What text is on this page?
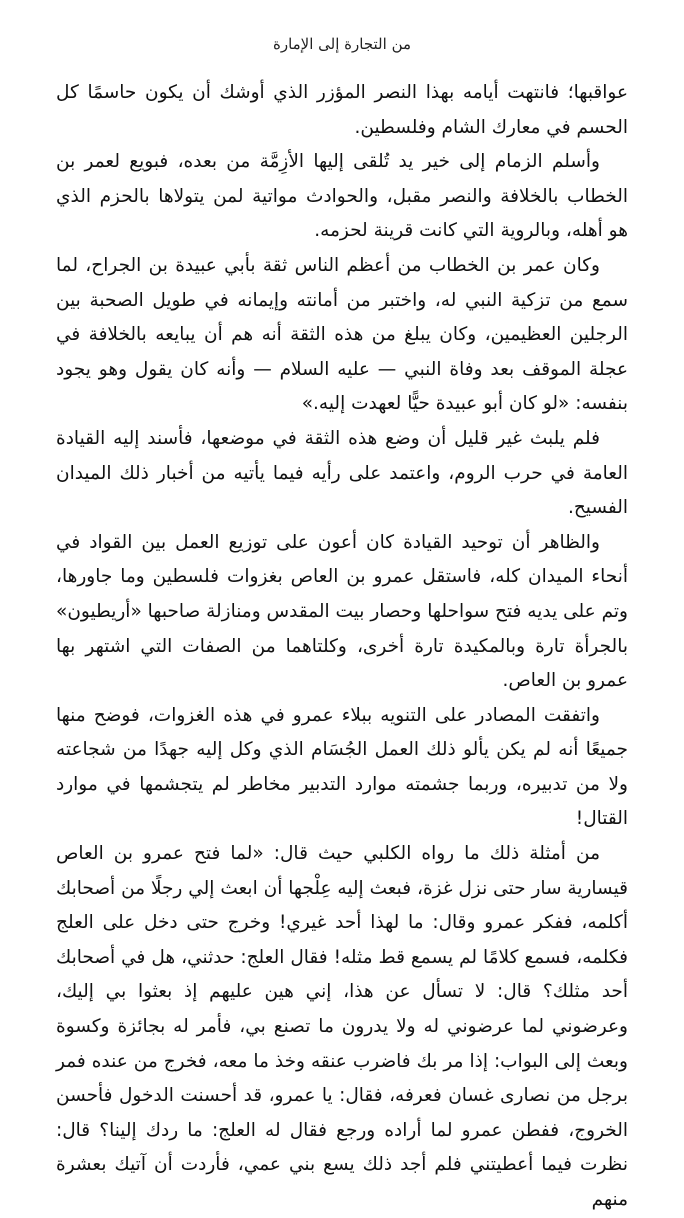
من التجارة إلى الإمارة

عواقبها؛ فانتهت أيامه بهذا النصر المؤزر الذي أوشك أن يكون حاسمًا كل الحسم في معارك الشام وفلسطين.

وأسلم الزمام إلى خير يد تُلقى إليها الأزِمَّة من بعده، فبويع لعمر بن الخطاب بالخلافة والنصر مقبل، والحوادث مواتية لمن يتولاها بالحزم الذي هو أهله، وبالروية التي كانت قرينة لحزمه.

وكان عمر بن الخطاب من أعظم الناس ثقة بأبي عبيدة بن الجراح، لما سمع من تزكية النبي له، واختبر من أمانته وإيمانه في طويل الصحبة بين الرجلين العظيمين، وكان يبلغ من هذه الثقة أنه هم أن يبايعه بالخلافة في عجلة الموقف بعد وفاة النبي — عليه السلام — وأنه كان يقول وهو يجود بنفسه: «لو كان أبو عبيدة حيًّا لعهدت إليه.»

فلم يلبث غير قليل أن وضع هذه الثقة في موضعها، فأسند إليه القيادة العامة في حرب الروم، واعتمد على رأيه فيما يأتيه من أخبار ذلك الميدان الفسيح.

والظاهر أن توحيد القيادة كان أعون على توزيع العمل بين القواد في أنحاء الميدان كله، فاستقل عمرو بن العاص بغزوات فلسطين وما جاورها، وتم على يديه فتح سواحلها وحصار بيت المقدس ومنازلة صاحبها «أريطيون» بالجرأة تارة وبالمكيدة تارة أخرى، وكلتاهما من الصفات التي اشتهر بها عمرو بن العاص.

واتفقت المصادر على التنويه ببلاء عمرو في هذه الغزوات، فوضح منها جميعًا أنه لم يكن يألو ذلك العمل الجُسَام الذي وكل إليه جهدًا من شجاعته ولا من تدبيره، وربما جشمته موارد التدبير مخاطر لم يتجشمها في موارد القتال!

من أمثلة ذلك ما رواه الكلبي حيث قال: «لما فتح عمرو بن العاص قيسارية سار حتى نزل غزة، فبعث إليه عِلْجها أن ابعث إلي رجلًا من أصحابك أكلمه، ففكر عمرو وقال: ما لهذا أحد غيري! وخرج حتى دخل على العلج فكلمه، فسمع كلامًا لم يسمع قط مثله! فقال العلج: حدثني، هل في أصحابك أحد مثلك؟ قال: لا تسأل عن هذا، إني هين عليهم إذ بعثوا بي إليك، وعرضوني لما عرضوني له ولا يدرون ما تصنع بي، فأمر له بجائزة وكسوة وبعث إلى البواب: إذا مر بك فاضرب عنقه وخذ ما معه، فخرج من عنده فمر برجل من نصارى غسان فعرفه، فقال: يا عمرو، قد أحسنت الدخول فأحسن الخروج، ففطن عمرو لما أراده ورجع فقال له العلج: ما ردك إلينا؟ قال: نظرت فيما أعطيتني فلم أجد ذلك يسع بني عمي، فأردت أن آتيك بعشرة منهم
